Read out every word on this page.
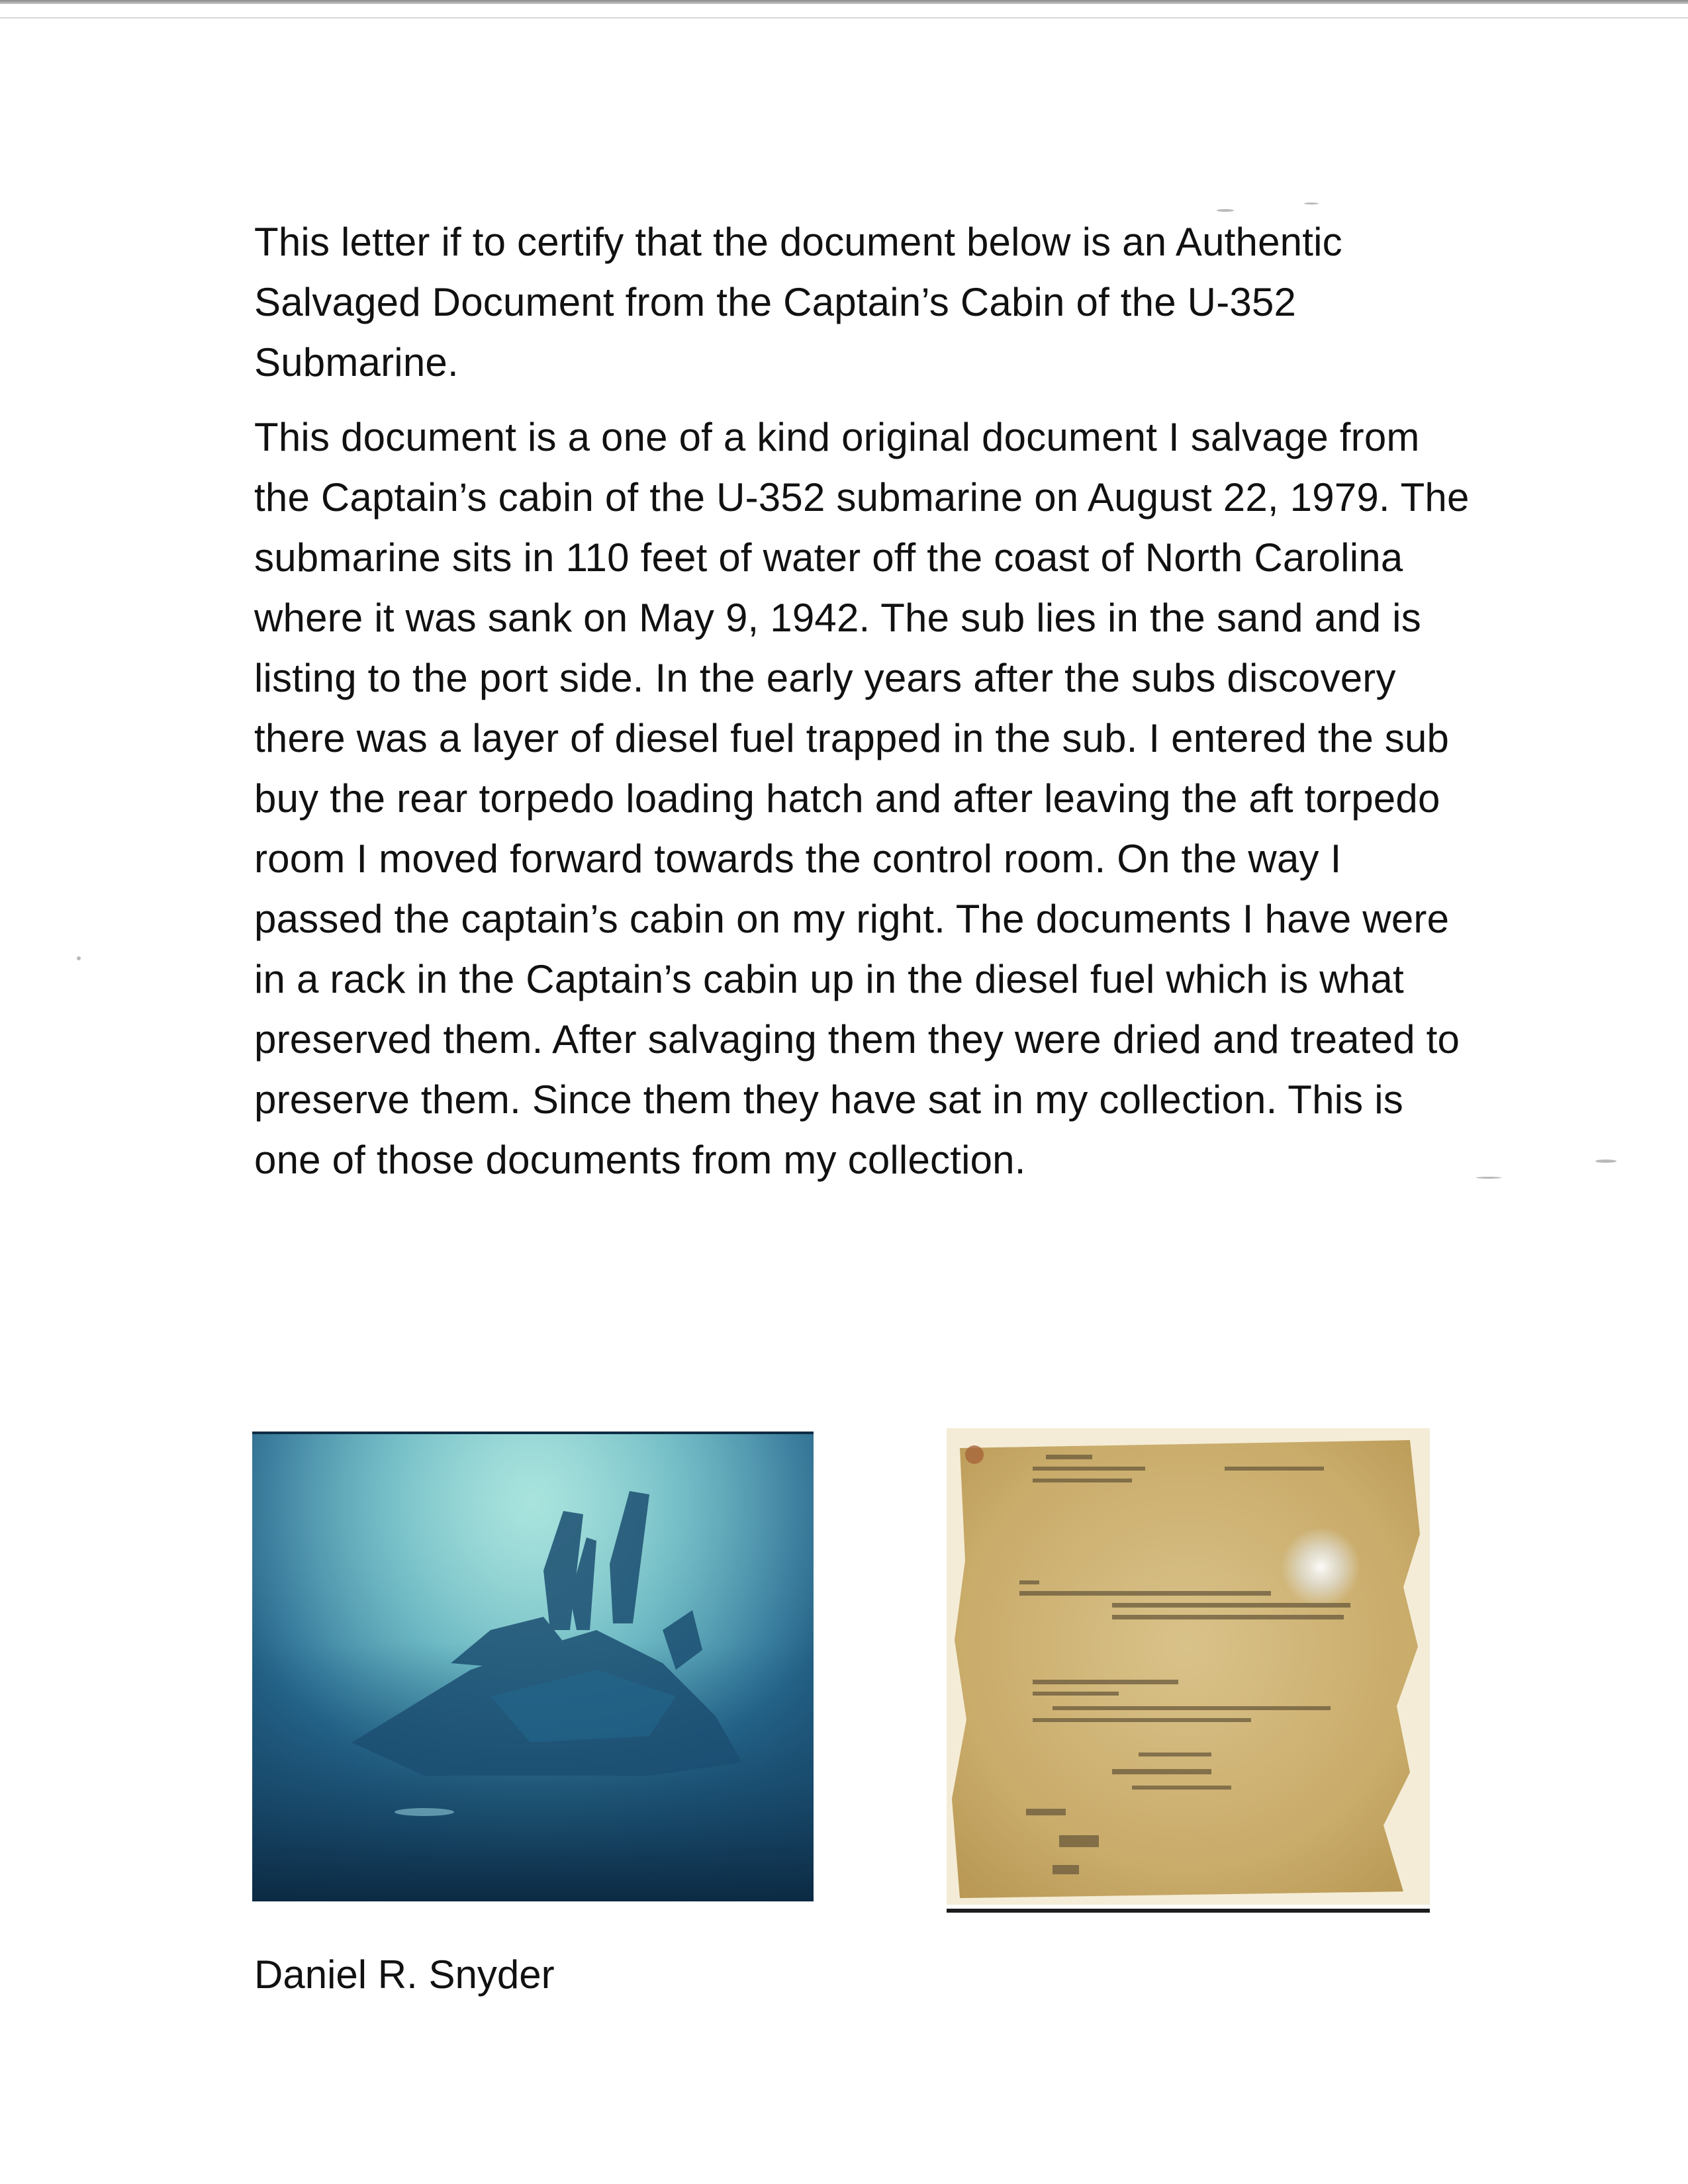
This letter if to certify that the document below is an Authentic Salvaged Document from the Captain’s Cabin of the U-352 Submarine.

This document is a one of a kind original document I salvage from the Captain’s cabin of the U-352 submarine on August 22, 1979. The submarine sits in 110 feet of water off the coast of North Carolina where it was sank on May 9, 1942. The sub lies in the sand and is listing to the port side. In the early years after the subs discovery there was a layer of diesel fuel trapped in the sub. I entered the sub buy the rear torpedo loading hatch and after leaving the aft torpedo room I moved forward towards the control room. On the way I passed the captain’s cabin on my right. The documents I have were in a rack in the Captain’s cabin up in the diesel fuel which is what preserved them. After salvaging them they were dried and treated to preserve them. Since them they have sat in my collection. This is one of those documents from my collection.

Daniel R. Snyder
